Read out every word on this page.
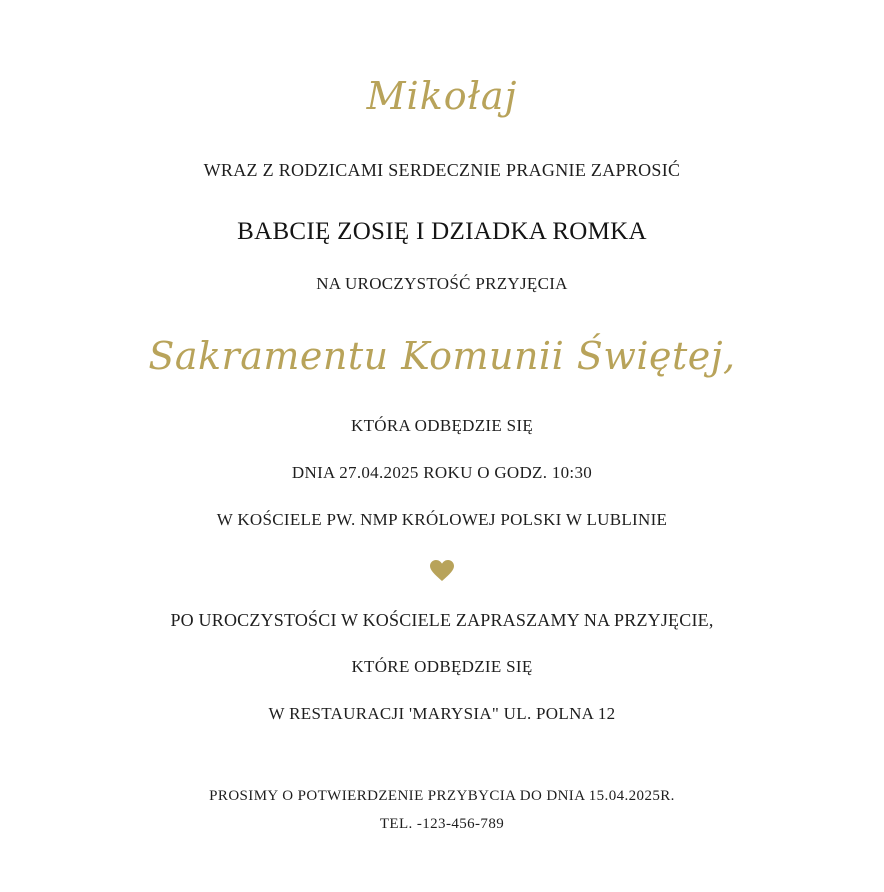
Mikołaj
WRAZ Z RODZICAMI SERDECZNIE PRAGNIE ZAPROSIĆ
BABCIĘ ZOSIĘ I DZIADKA ROMKA
NA UROCZYSTOŚĆ PRZYJĘCIA
Sakramentu Komunii Świętej,
KTÓRA ODBĘDZIE SIĘ
DNIA 27.04.2025 ROKU O GODZ. 10:30
W KOŚCIELE PW. NMP KRÓLOWEJ POLSKI W LUBLINIE
PO UROCZYSTOŚCI W KOŚCIELE ZAPRASZAMY NA PRZYJĘCIE,
KTÓRE ODBĘDZIE SIĘ
W RESTAURACJI 'MARYSIA" UL. POLNA 12
PROSIMY O POTWIERDZENIE PRZYBYCIA DO DNIA 15.04.2025R.
TEL. -123-456-789
